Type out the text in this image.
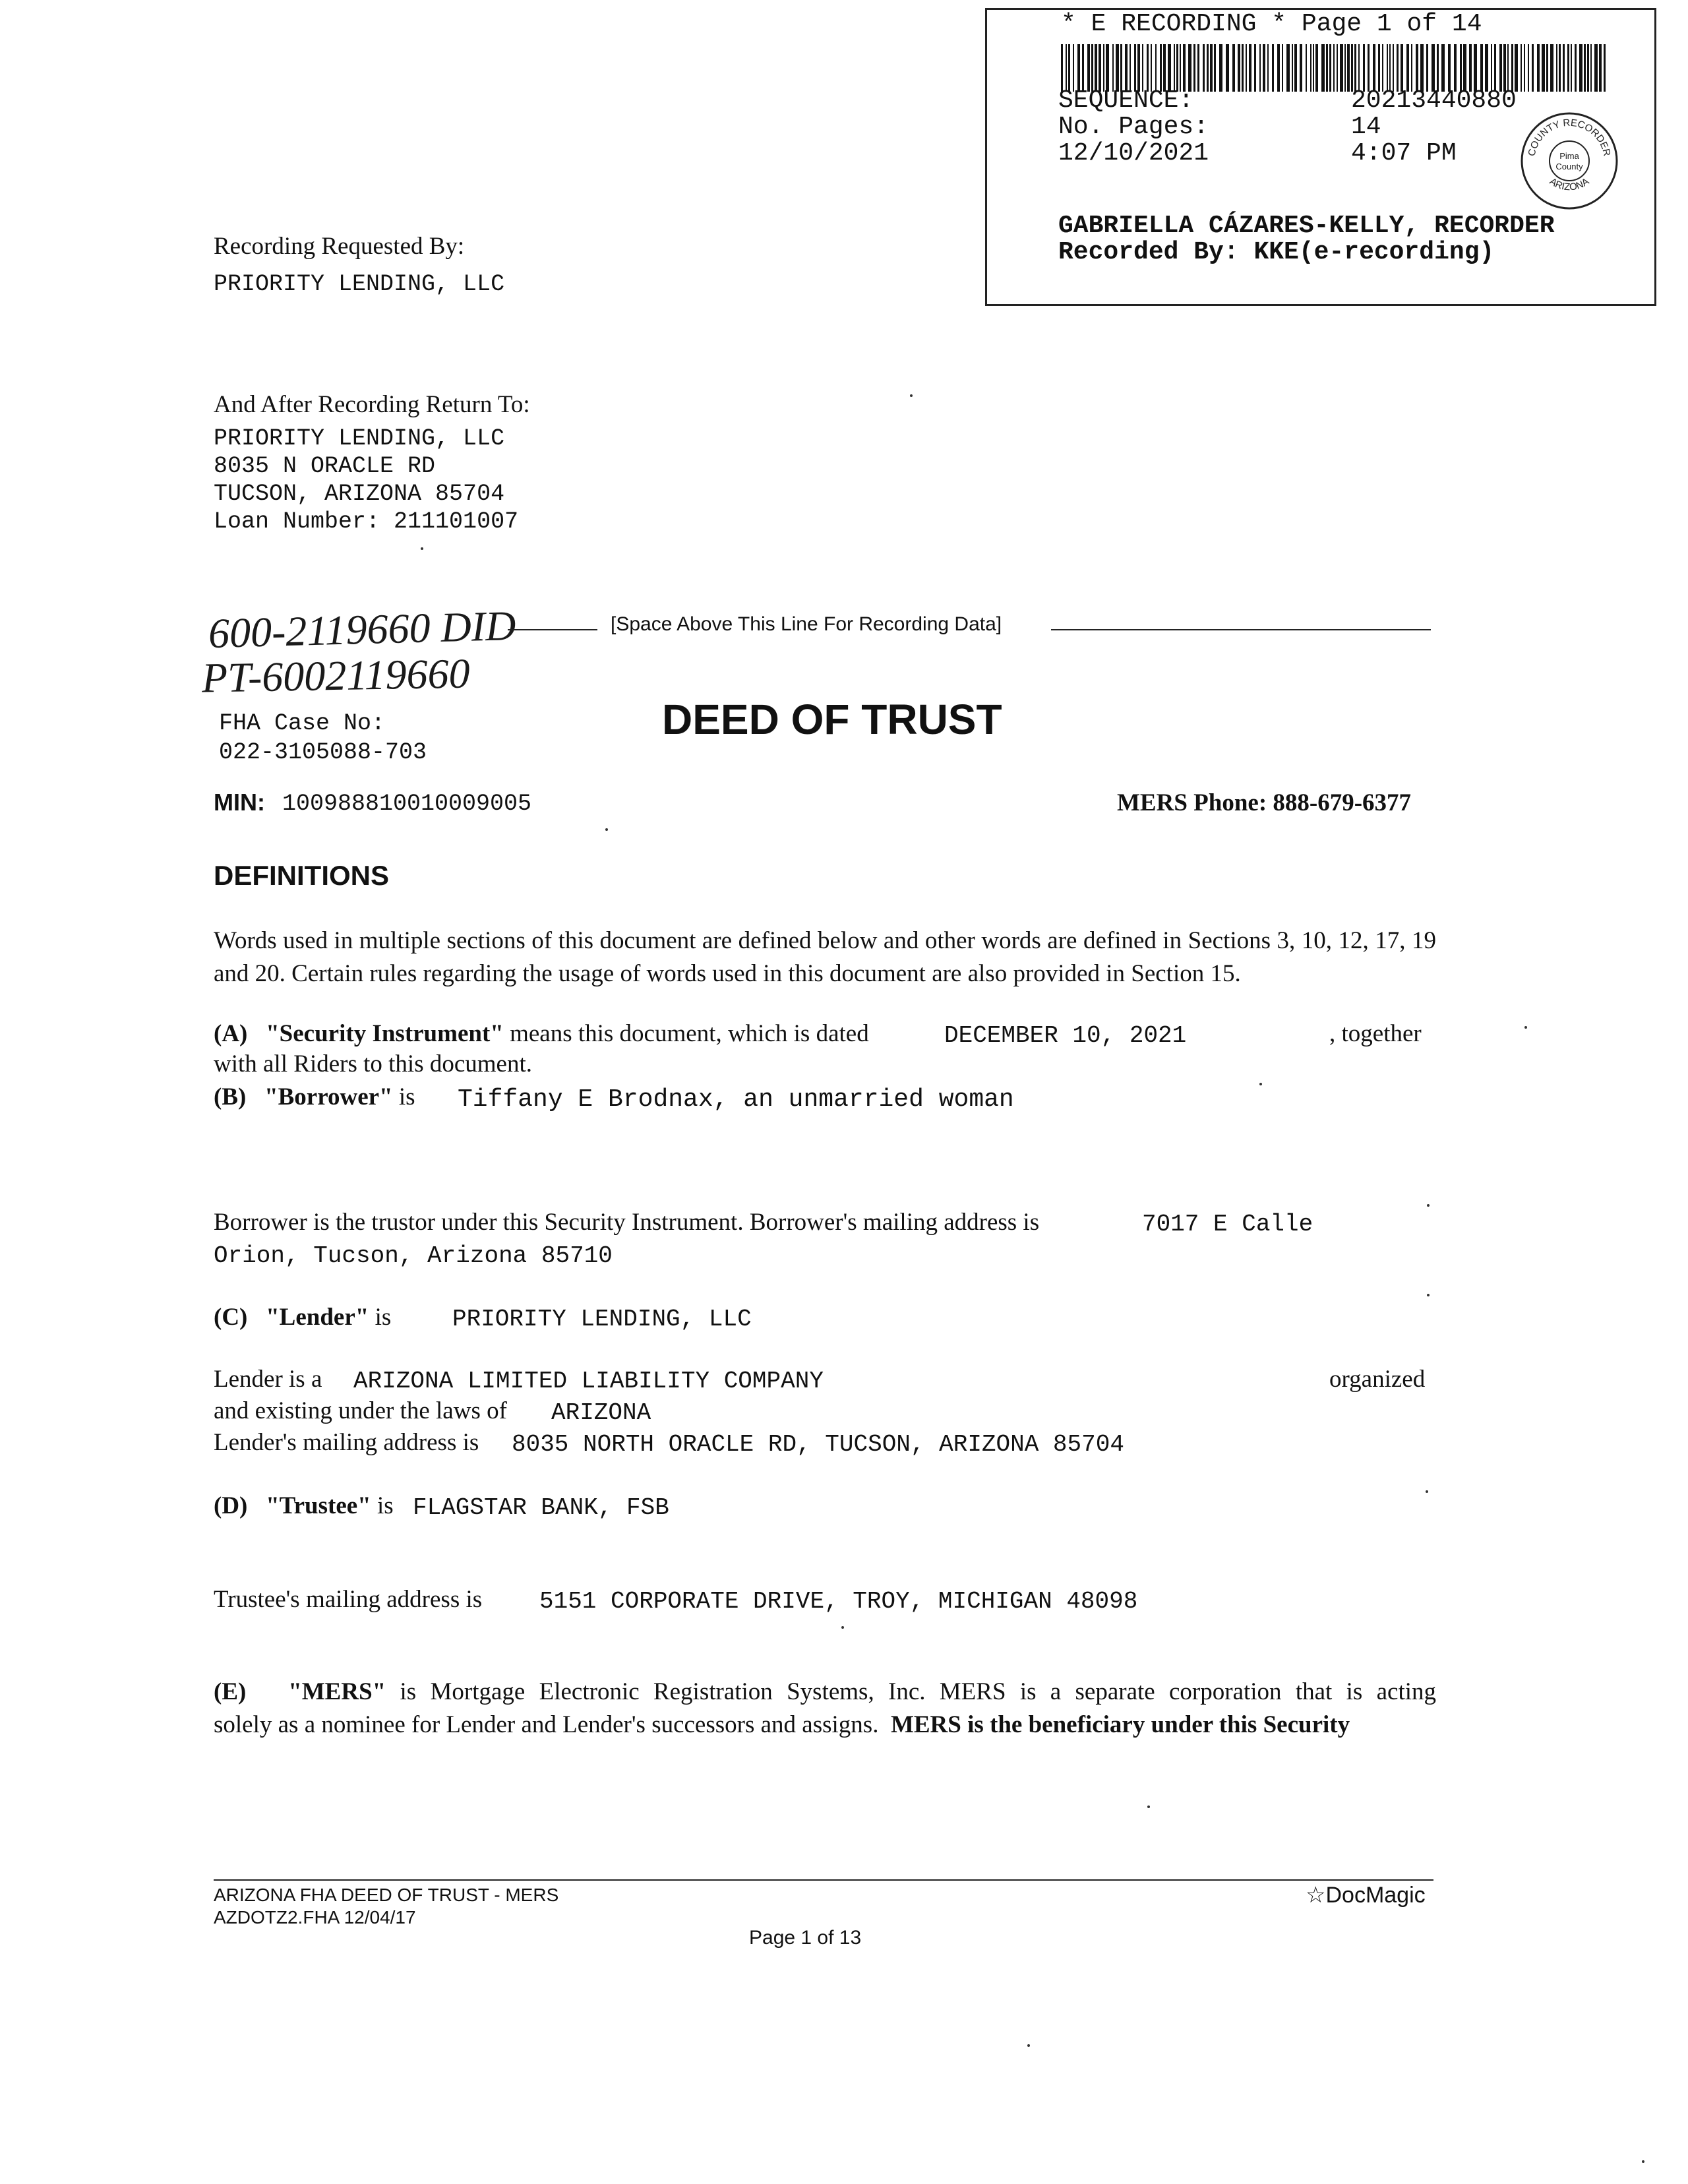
* E RECORDING * Page 1 of 14
SEQUENCE:	20213440880
No. Pages:	14
12/10/2021	4:07 PM	COUNTY RECORDER
ARIZONA
Pima
County
GABRIELLA CÁZARES-KELLY, RECORDER
Recorded By: KKE(e-recording)
Recording Requested By:
PRIORITY LENDING, LLC
And After Recording Return To:
PRIORITY LENDING, LLC
8035 N ORACLE RD
TUCSON, ARIZONA 85704
Loan Number: 211101007
600-2119660 DID
PT-6002119660
[Space Above This Line For Recording Data]
FHA Case No:
022-3105088-703
DEED OF TRUST
MIN: 100988810010009005	MERS Phone: 888-679-6377
DEFINITIONS
Words used in multiple sections of this document are defined below and other words are defined in Sections 3, 10, 12, 17, 19 and 20. Certain rules regarding the usage of words used in this document are also provided in Section 15.
(A) "Security Instrument" means this document, which is dated	DECEMBER 10, 2021	, together
with all Riders to this document.
(B) "Borrower" is Tiffany E Brodnax, an unmarried woman
Borrower is the trustor under this Security Instrument. Borrower's mailing address is	7017 E Calle
Orion, Tucson, Arizona 85710
(C) "Lender" is	PRIORITY LENDING, LLC
Lender is a ARIZONA LIMITED LIABILITY COMPANY	organized
and existing under the laws of ARIZONA
Lender's mailing address is 8035 NORTH ORACLE RD, TUCSON, ARIZONA 85704
(D) "Trustee" is FLAGSTAR BANK, FSB
Trustee's mailing address is 5151 CORPORATE DRIVE, TROY, MICHIGAN 48098
(E) "MERS" is Mortgage Electronic Registration Systems, Inc. MERS is a separate corporation that is acting
solely as a nominee for Lender and Lender's successors and assigns. MERS is the beneficiary under this Security
ARIZONA FHA DEED OF TRUST - MERS
AZDOTZ2.FHA 12/04/17
☆DocMagic
Page 1 of 13
